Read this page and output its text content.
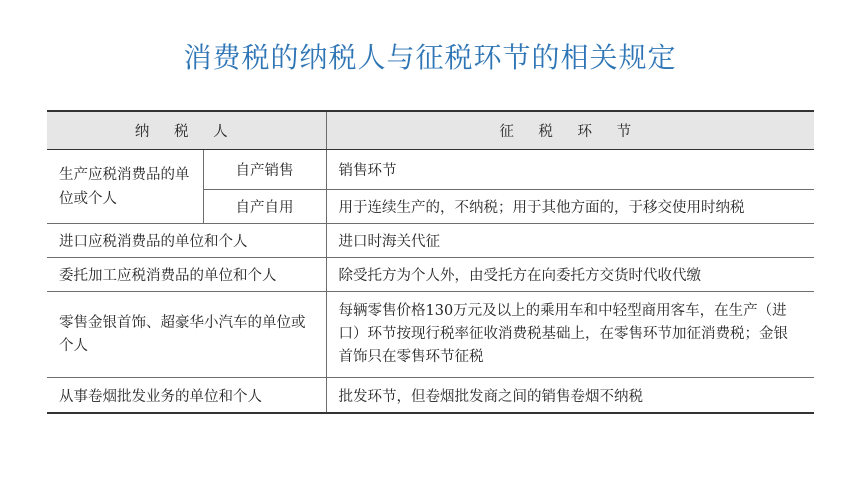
消费税的纳税人与征税环节的相关规定
纳 税 人		征 税 环 节
生产应税消费品的单位或个人	自产销售	销售环节
	自产自用	用于连续生产的，不纳税；用于其他方面的，于移交使用时纳税
进口应税消费品的单位和个人		进口时海关代征
委托加工应税消费品的单位和个人		除受托方为个人外，由受托方在向委托方交货时代收代缴
零售金银首饰、超豪华小汽车的单位或个人		每辆零售价格130万元及以上的乘用车和中轻型商用客车，在生产（进口）环节按现行税率征收消费税基础上，在零售环节加征消费税；金银首饰只在零售环节征税
从事卷烟批发业务的单位和个人		批发环节，但卷烟批发商之间的销售卷烟不纳税
